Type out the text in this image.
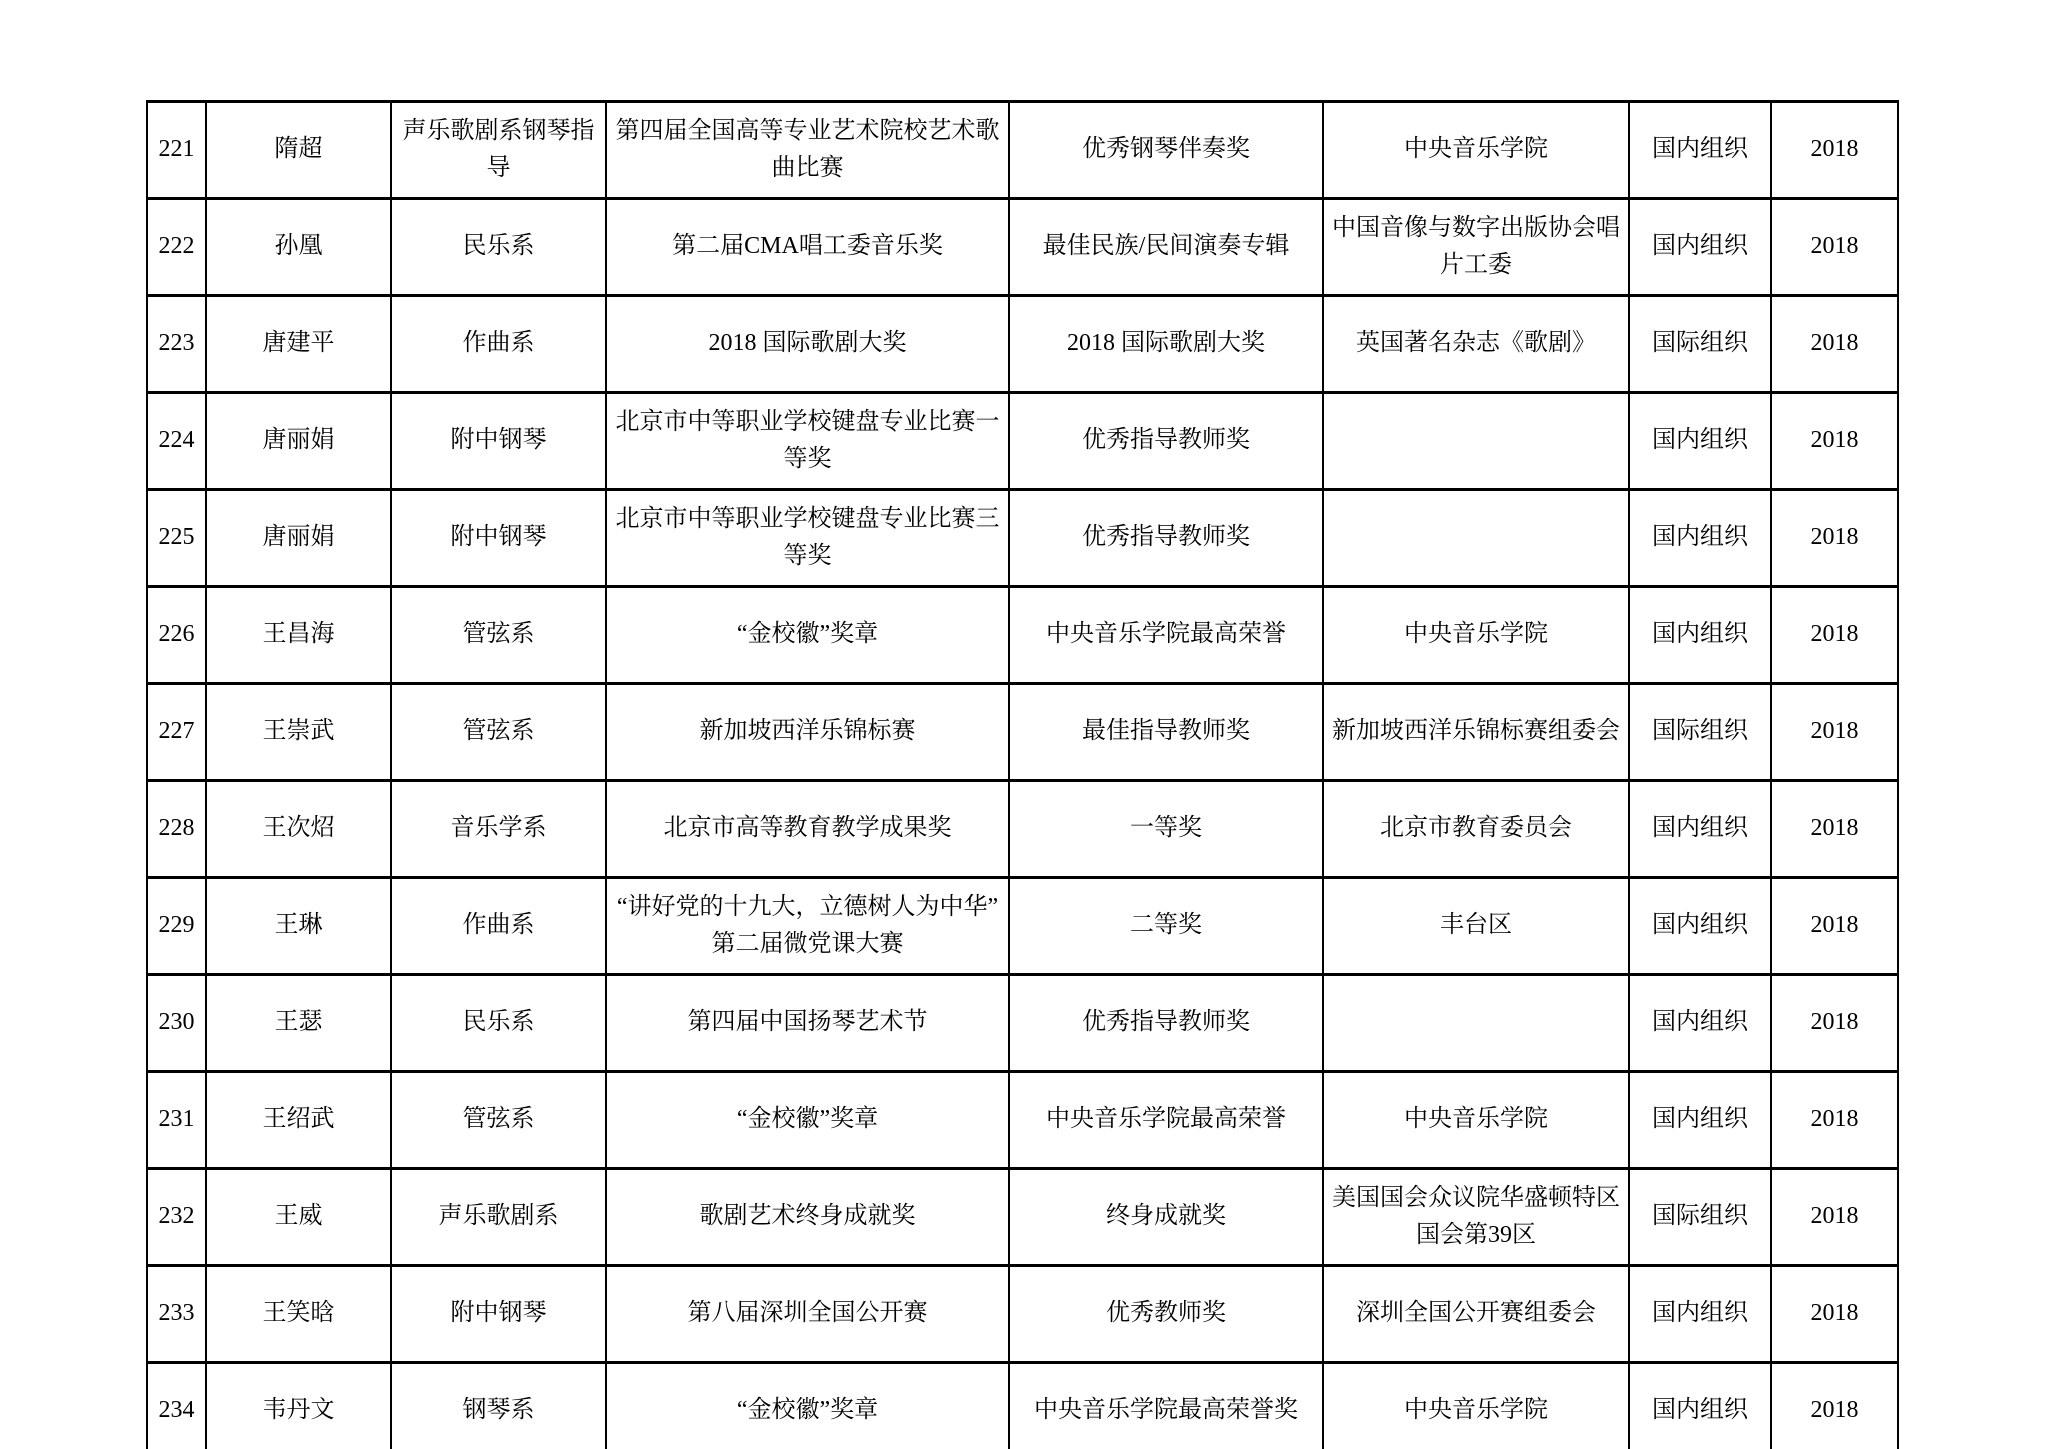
221	隋超	声乐歌剧系钢琴指导	第四届全国高等专业艺术院校艺术歌曲比赛	优秀钢琴伴奏奖	中央音乐学院	国内组织	2018
222	孙凰	民乐系	第二届CMA唱工委音乐奖	最佳民族/民间演奏专辑	中国音像与数字出版协会唱片工委	国内组织	2018
223	唐建平	作曲系	2018 国际歌剧大奖	2018 国际歌剧大奖	英国著名杂志《歌剧》	国际组织	2018
224	唐丽娟	附中钢琴	北京市中等职业学校键盘专业比赛一等奖	优秀指导教师奖		国内组织	2018
225	唐丽娟	附中钢琴	北京市中等职业学校键盘专业比赛三等奖	优秀指导教师奖		国内组织	2018
226	王昌海	管弦系	“金校徽”奖章	中央音乐学院最高荣誉	中央音乐学院	国内组织	2018
227	王崇武	管弦系	新加坡西洋乐锦标赛	最佳指导教师奖	新加坡西洋乐锦标赛组委会	国际组织	2018
228	王次炤	音乐学系	北京市高等教育教学成果奖	一等奖	北京市教育委员会	国内组织	2018
229	王琳	作曲系	“讲好党的十九大，立德树人为中华”第二届微党课大赛	二等奖	丰台区	国内组织	2018
230	王瑟	民乐系	第四届中国扬琴艺术节	优秀指导教师奖		国内组织	2018
231	王绍武	管弦系	“金校徽”奖章	中央音乐学院最高荣誉	中央音乐学院	国内组织	2018
232	王威	声乐歌剧系	歌剧艺术终身成就奖	终身成就奖	美国国会众议院华盛顿特区国会第39区	国际组织	2018
233	王笑晗	附中钢琴	第八届深圳全国公开赛	优秀教师奖	深圳全国公开赛组委会	国内组织	2018
234	韦丹文	钢琴系	“金校徽”奖章	中央音乐学院最高荣誉奖	中央音乐学院	国内组织	2018
